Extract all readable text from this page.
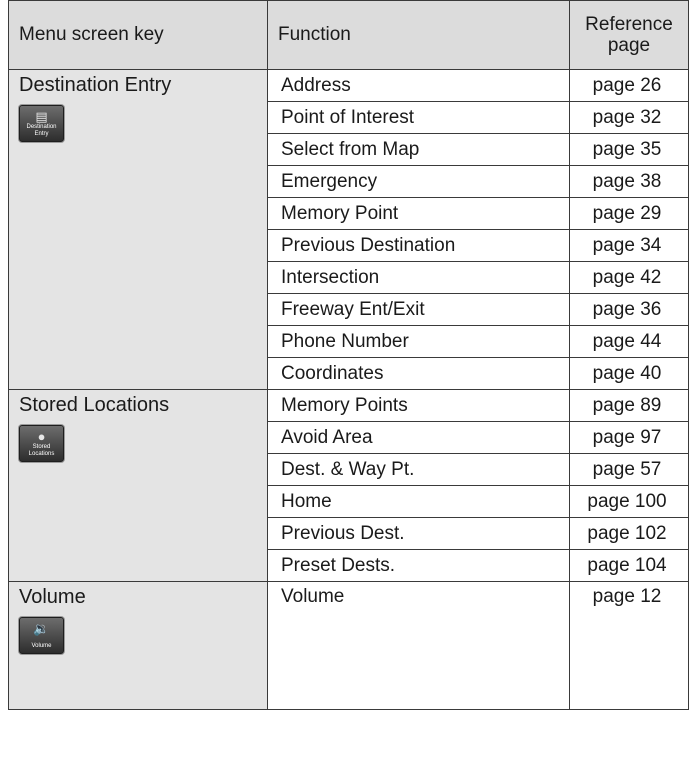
Menu screen key	Function	Reference
page

Destination Entry
▤
Destination
Entry	Address	page 26
	Point of Interest	page 32
	Select from Map	page 35
	Emergency	page 38
	Memory Point	page 29
	Previous Destination	page 34
	Intersection	page 42
	Freeway Ent/Exit	page 36
	Phone Number	page 44
	Coordinates	page 40

Stored Locations
●
Stored
Locations	Memory Points	page 89
	Avoid Area	page 97
	Dest. & Way Pt.	page 57
	Home	page 100
	Previous Dest.	page 102
	Preset Dests.	page 104

Volume
🔉
Volume	Volume	page 12
